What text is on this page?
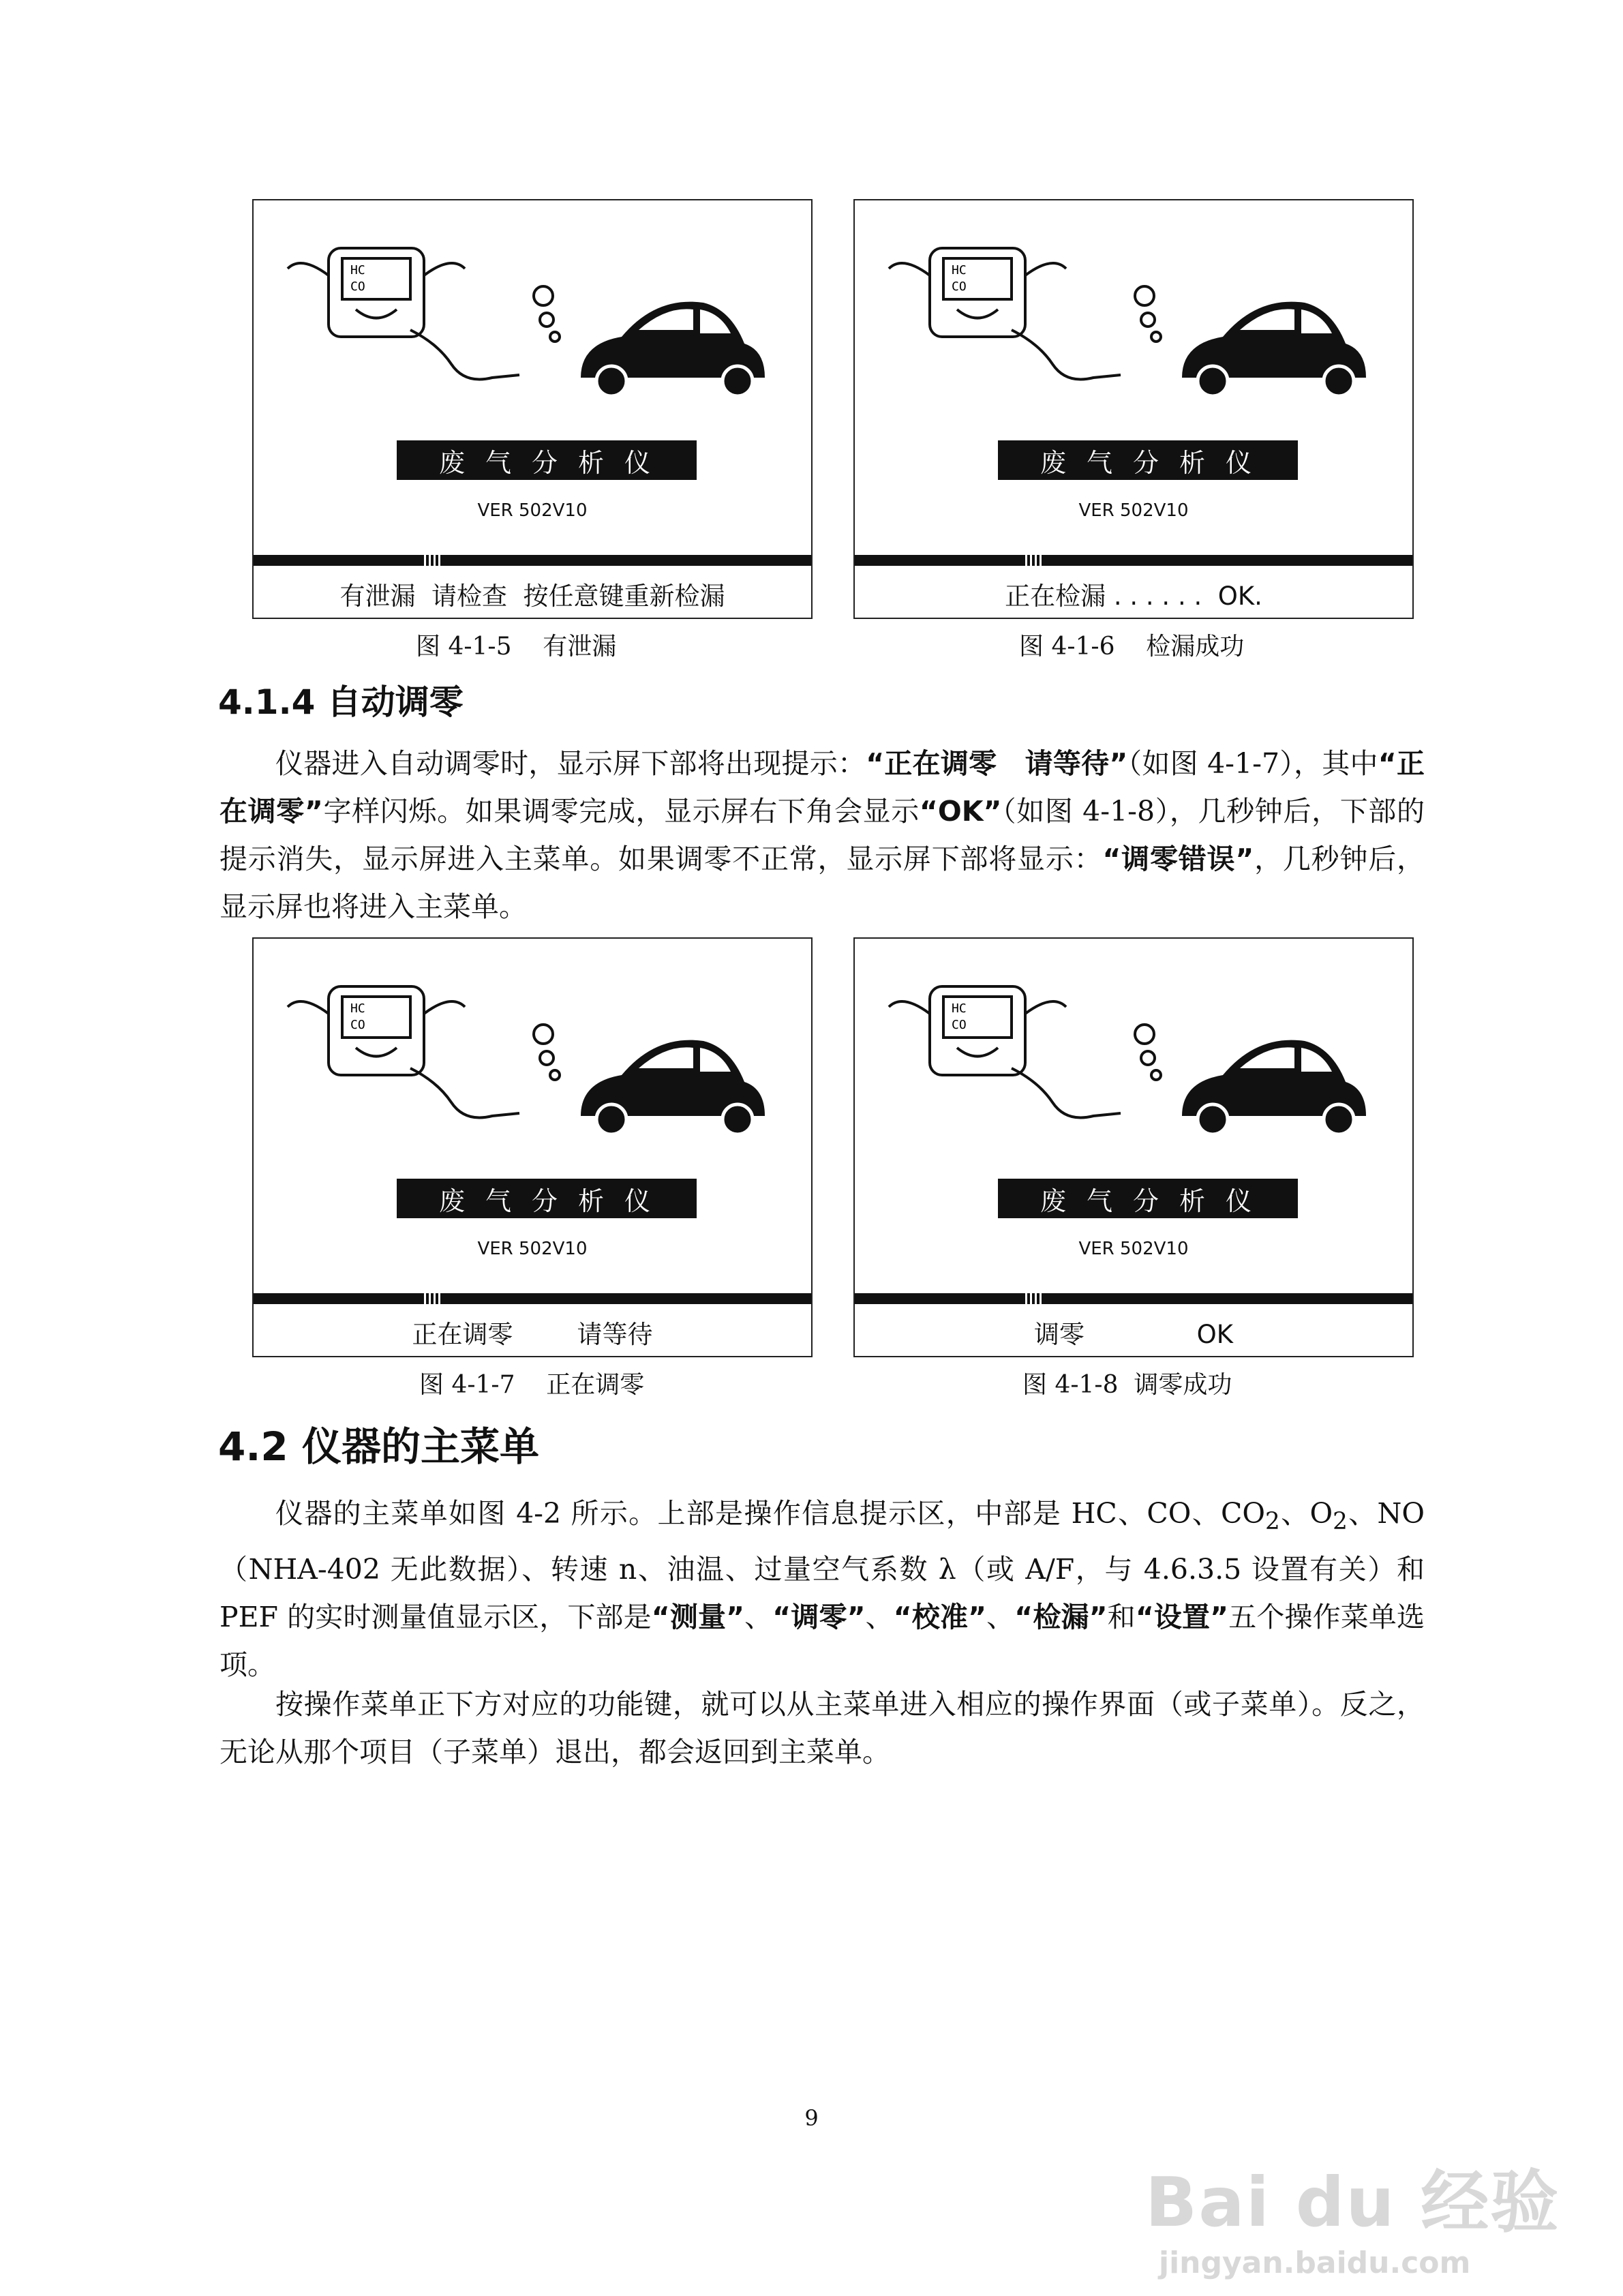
HC
CO
废气分析仪
VER 502V10
有泄漏  请检查  按任意键重新检漏
图 4-1-5    有泄漏
HC
CO
废气分析仪
VER 502V10
正在检漏 . . . . . .  OK.
图 4-1-6    检漏成功
4.1.4 自动调零
仪器进入自动调零时，显示屏下部将出现提示：“正在调零　请等待”（如图 4-1-7），其中“正在调零”字样闪烁。如果调零完成，显示屏右下角会显示“OK”（如图 4-1-8），几秒钟后，下部的提示消失，显示屏进入主菜单。如果调零不正常，显示屏下部将显示：“调零错误”，几秒钟后，显示屏也将进入主菜单。
HC
CO
废气分析仪
VER 502V10
正在调零        请等待
图 4-1-7    正在调零
HC
CO
废气分析仪
VER 502V10
调零              OK
图 4-1-8  调零成功
4.2 仪器的主菜单
仪器的主菜单如图 4-2 所示。上部是操作信息提示区，中部是 HC、CO、$CO_2$、$O_2$、NO（NHA-402 无此数据）、转速 n、油温、过量空气系数 λ（或 A/F，与 4.6.3.5 设置有关）和 PEF 的实时测量值显示区，下部是“测量”、“调零”、“校准”、“检漏”和“设置”五个操作菜单选项。
按操作菜单正下方对应的功能键，就可以从主菜单进入相应的操作界面（或子菜单）。反之，无论从那个项目（子菜单）退出，都会返回到主菜单。
9
Bai du 经验
jingyan.baidu.com
